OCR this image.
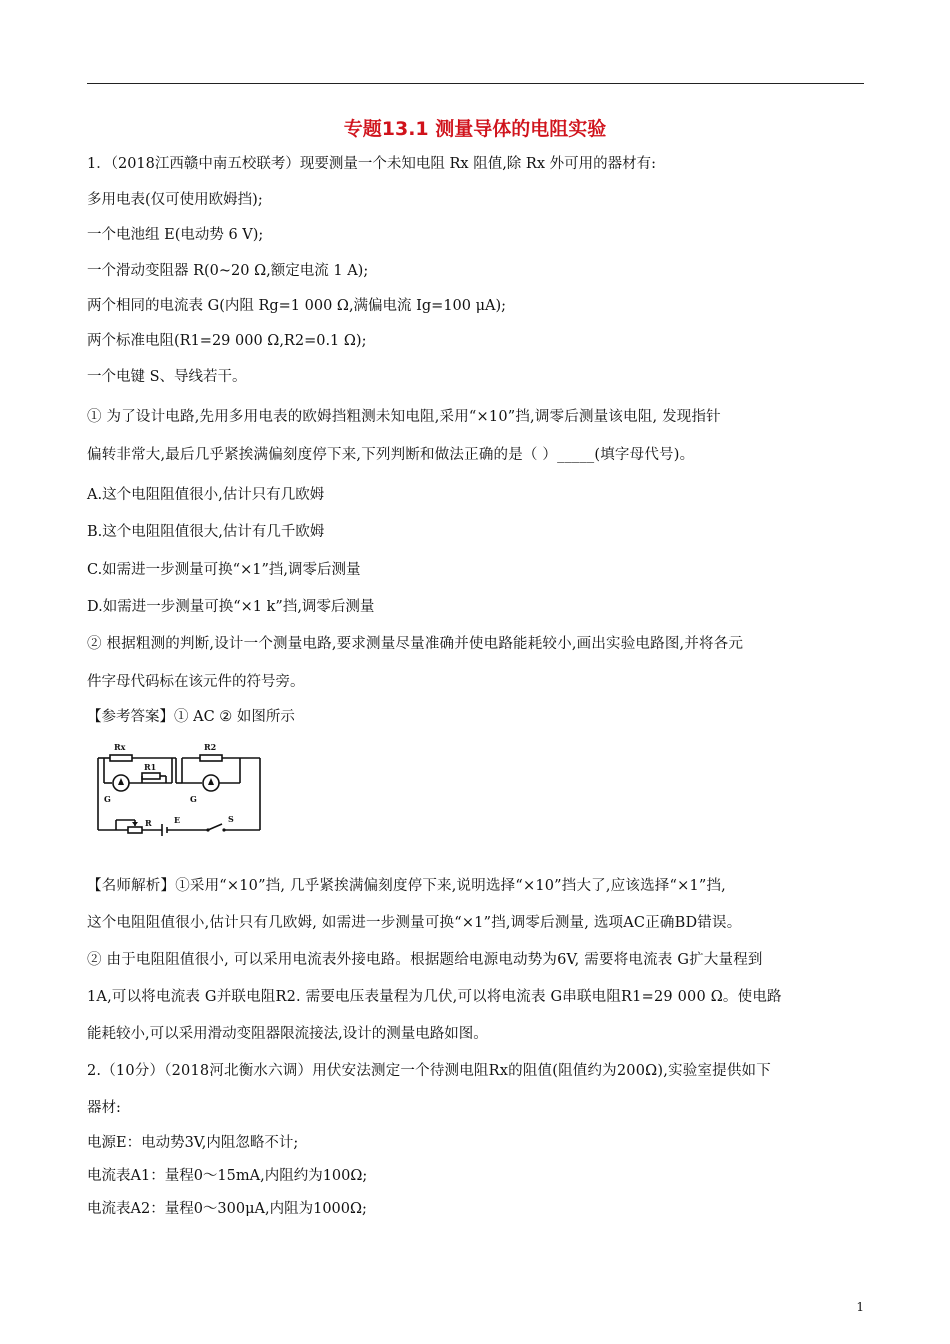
专题13.1 测量导体的电阻实验
1．（2018江西赣中南五校联考）现要测量一个未知电阻 Rx 阻值,除 Rx 外可用的器材有:
多用电表(仅可使用欧姆挡);
一个电池组 E(电动势 6 V);
一个滑动变阻器 R(0~20 Ω,额定电流 1 A);
两个相同的电流表 G(内阻 Rg=1 000 Ω,满偏电流 Ig=100 μA);
两个标准电阻(R1=29 000 Ω,R2=0.1 Ω);
一个电键 S、导线若干。
① 为了设计电路,先用多用电表的欧姆挡粗测未知电阻,采用“×10”挡,调零后测量该电阻, 发现指针
偏转非常大,最后几乎紧挨满偏刻度停下来,下列判断和做法正确的是（ ）_____(填字母代号)。
A.这个电阻阻值很小,估计只有几欧姆
B.这个电阻阻值很大,估计有几千欧姆
C.如需进一步测量可换“×1”挡,调零后测量
D.如需进一步测量可换“×1 k”挡,调零后测量
② 根据粗测的判断,设计一个测量电路,要求测量尽量准确并使电路能耗较小,画出实验电路图,并将各元
件字母代码标在该元件的符号旁。
【参考答案】① AC ② 如图所示
Rx
R1
R2
G	G
R	E	S
【名师解析】①采用“×10”挡, 几乎紧挨满偏刻度停下来,说明选择“×10”挡大了,应该选择“×1”挡,
这个电阻阻值很小,估计只有几欧姆, 如需进一步测量可换“×1”挡,调零后测量, 选项AC正确BD错误。
② 由于电阻阻值很小, 可以采用电流表外接电路。根据题给电源电动势为6V, 需要将电流表 G扩大量程到
1A,可以将电流表 G并联电阻R2. 需要电压表量程为几伏,可以将电流表 G串联电阻R1=29 000 Ω。使电路
能耗较小,可以采用滑动变阻器限流接法,设计的测量电路如图。
2.（10分）（2018河北衡水六调）用伏安法测定一个待测电阻Rx的阻值(阻值约为200Ω),实验室提供如下
器材:
电源E：电动势3V,内阻忽略不计;
电流表A1：量程0～15mA,内阻约为100Ω;
电流表A2：量程0～300μA,内阻为1000Ω;
1
